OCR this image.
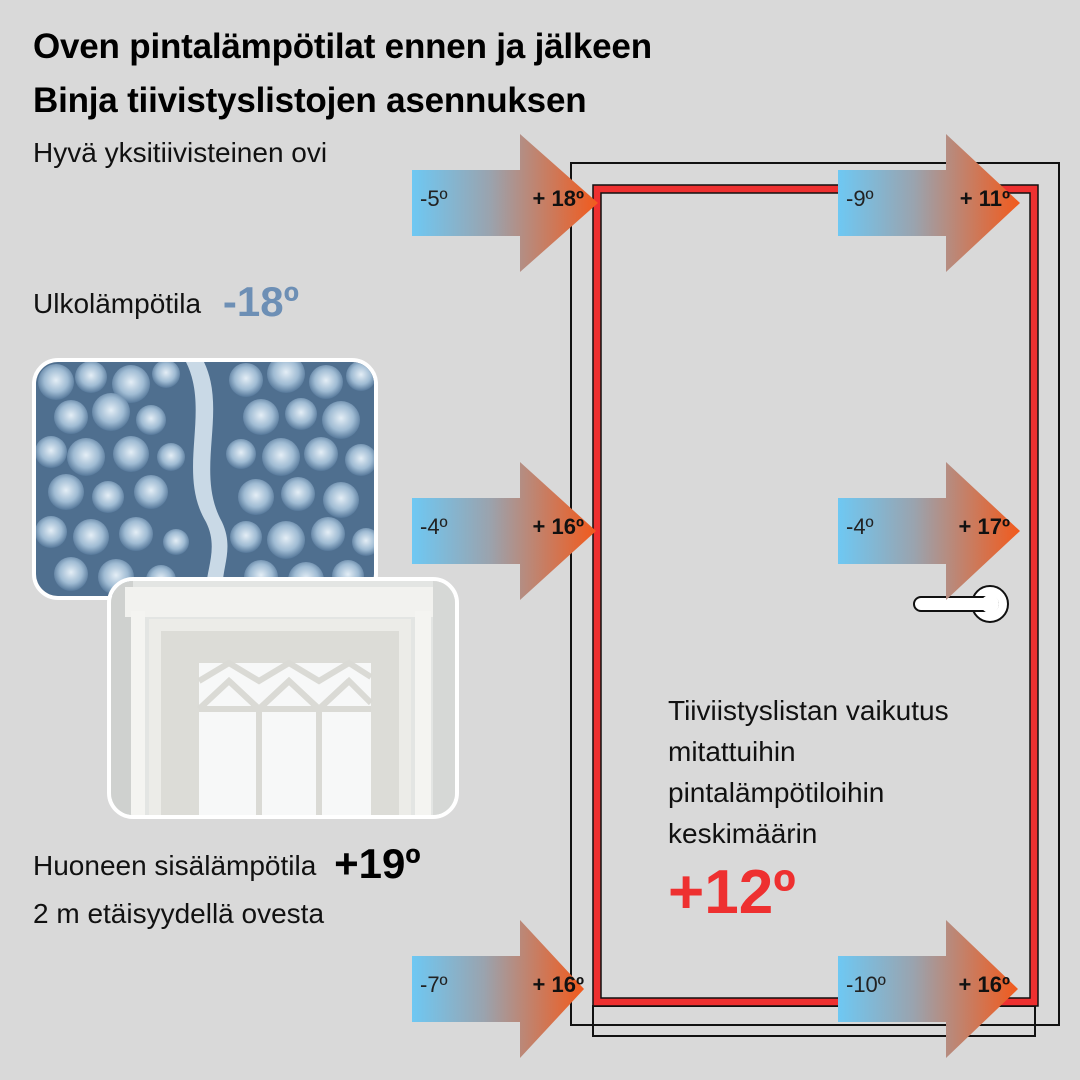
Oven pintalämpötilat ennen ja jälkeen
Binja tiivistyslistojen asennuksen
Hyvä yksitiivisteinen ovi
Ulkolämpötila -18º
Huoneen sisälämpötila +19º
2 m etäisyydellä ovesta
-5º	+ 18º	-9º	+ 11º
-4º	+ 16º	-4º	+ 17º
-7º	+ 16º	-10º	+ 16º
Tiiviistyslistan vaikutus
mitattuihin
pintalämpötiloihin
keskimäärin
+12º
